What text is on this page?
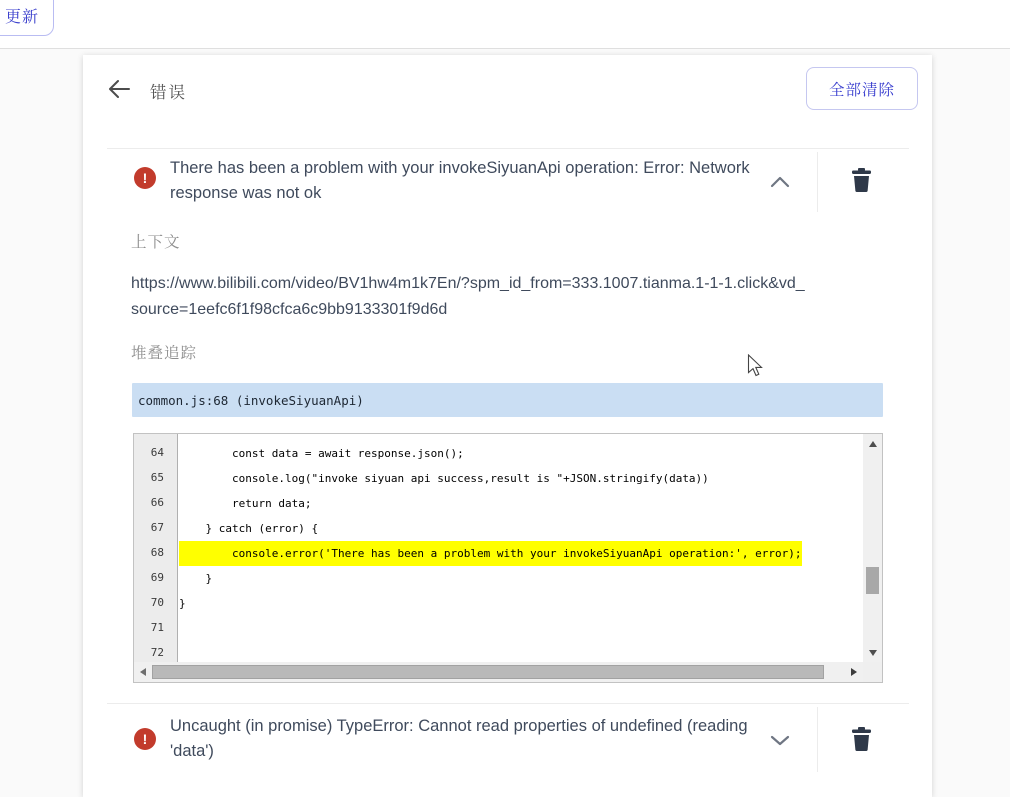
更新
错误	全部清除
!
There has been a problem with your invokeSiyuanApi operation: Error: Network response was not ok
上下文
https://www.bilibili.com/video/BV1hw4m1k7En/?spm_id_from=333.1007.tianma.1-1-1.click&vd_source=1eefc6f1f98cfca6c9bb9133301f9d6d
堆叠追踪
common.js:68 (invokeSiyuanApi)
64
65
66
67
68
69
70
71
72
const data = await response.json();
console.log("invoke siyuan api success,result is "+JSON.stringify(data))
return data;
} catch (error) {
console.error('There has been a problem with your invokeSiyuanApi operation:', error);
}
}
!
Uncaught (in promise) TypeError: Cannot read properties of undefined (reading 'data')
